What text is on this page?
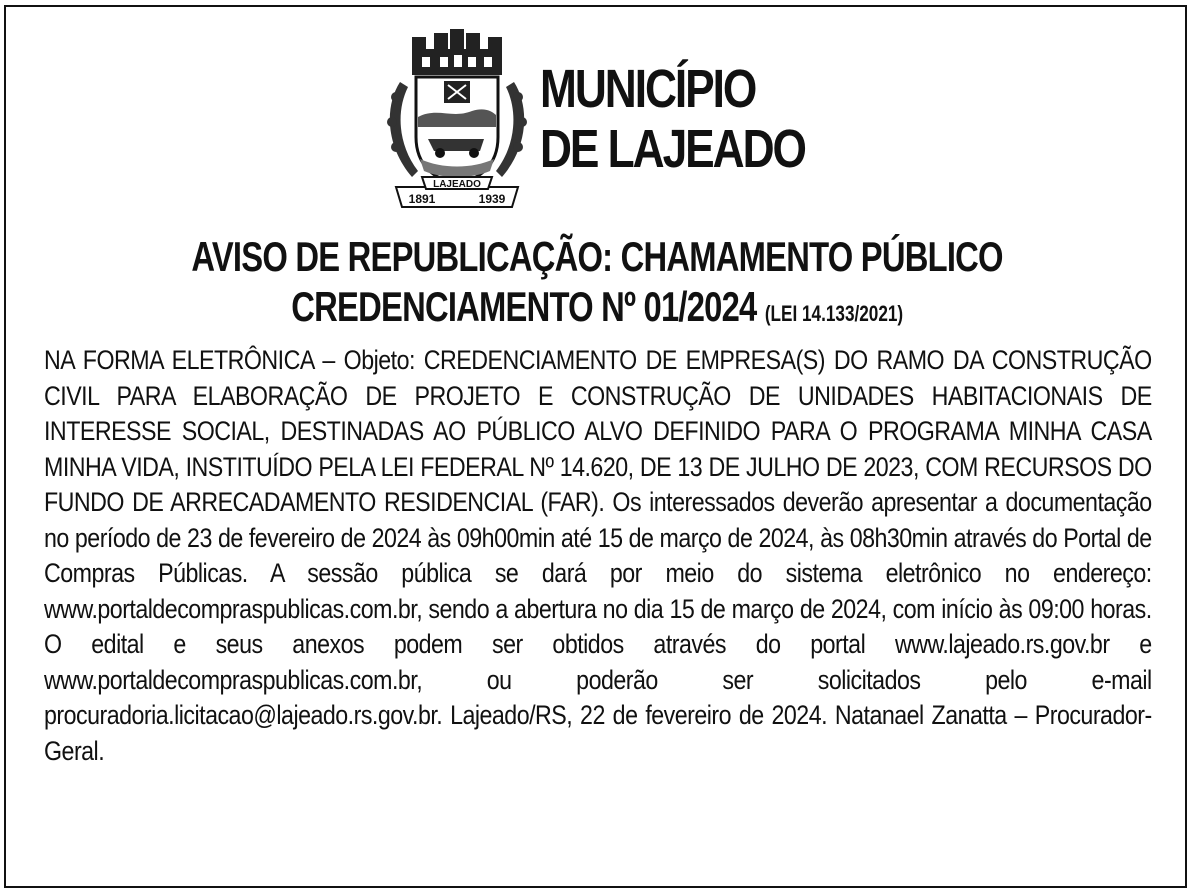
LAJEADO
1891	1939
MUNICÍPIO
DE LAJEADO
AVISO DE REPUBLICAÇÃO: CHAMAMENTO PÚBLICO
CREDENCIAMENTO Nº 01/2024 (LEI 14.133/2021)

NA FORMA ELETRÔNICA – Objeto: CREDENCIAMENTO DE EMPRESA(S) DO RAMO DA CONSTRUÇÃO CIVIL PARA ELABORAÇÃO DE PROJETO E CONSTRUÇÃO DE UNIDADES HABITACIONAIS DE INTERESSE SOCIAL, DESTINADAS AO PÚBLICO ALVO DEFINIDO PARA O PROGRAMA MINHA CASA MINHA VIDA, INSTITUÍDO PELA LEI FEDERAL Nº 14.620, DE 13 DE JULHO DE 2023, COM RECURSOS DO FUNDO DE ARRECADAMENTO RESIDENCIAL (FAR). Os interessados deverão apresentar a documentação no período de 23 de fevereiro de 2024 às 09h00min até 15 de março de 2024, às 08h30min através do Portal de Compras Públicas. A sessão pública se dará por meio do sistema eletrônico no endereço: www.portaldecompraspublicas.com.br, sendo a abertura no dia 15 de março de 2024, com início às 09:00 horas. O edital e seus anexos podem ser obtidos através do portal www.lajeado.rs.gov.br e www.portaldecompraspublicas.com.br, ou poderão ser solicitados pelo e-mail procuradoria.licitacao@lajeado.rs.gov.br. Lajeado/RS, 22 de fevereiro de 2024. Natanael Zanatta – Procurador-Geral.
